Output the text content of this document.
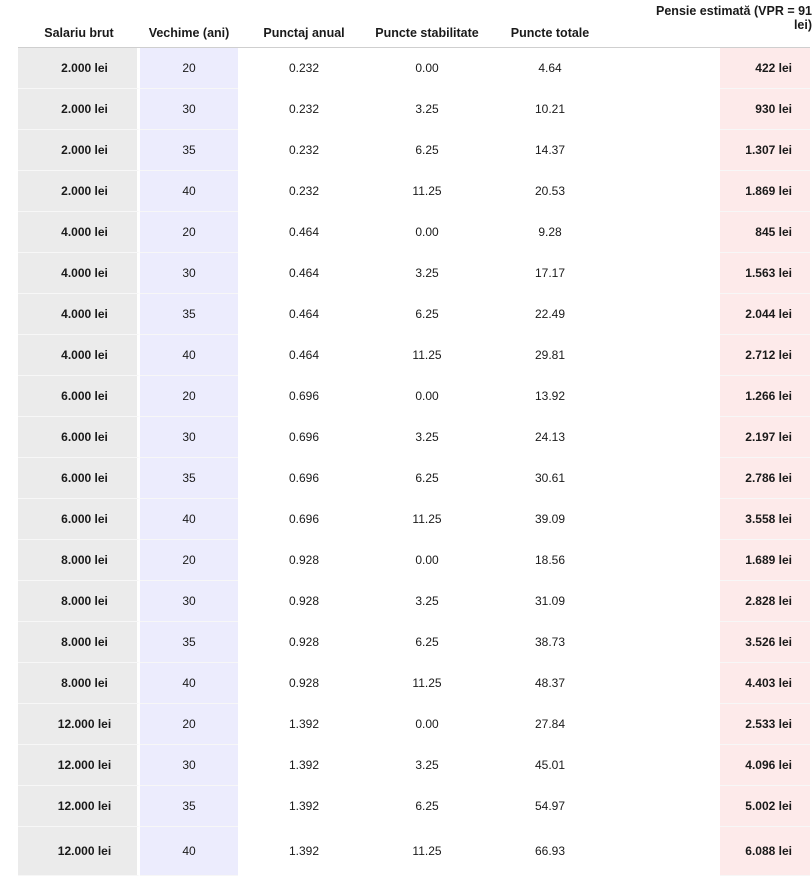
Salariu brut	Vechime (ani)	Punctaj anual	Puncte stabilitate	Puncte totale		Pensie estimată (VPR = 91
lei)

2.000 lei	20	0.232	0.00	4.64		422 lei
2.000 lei	30	0.232	3.25	10.21		930 lei
2.000 lei	35	0.232	6.25	14.37		1.307 lei
2.000 lei	40	0.232	11.25	20.53		1.869 lei
4.000 lei	20	0.464	0.00	9.28		845 lei
4.000 lei	30	0.464	3.25	17.17		1.563 lei
4.000 lei	35	0.464	6.25	22.49		2.044 lei
4.000 lei	40	0.464	11.25	29.81		2.712 lei
6.000 lei	20	0.696	0.00	13.92		1.266 lei
6.000 lei	30	0.696	3.25	24.13		2.197 lei
6.000 lei	35	0.696	6.25	30.61		2.786 lei
6.000 lei	40	0.696	11.25	39.09		3.558 lei
8.000 lei	20	0.928	0.00	18.56		1.689 lei
8.000 lei	30	0.928	3.25	31.09		2.828 lei
8.000 lei	35	0.928	6.25	38.73		3.526 lei
8.000 lei	40	0.928	11.25	48.37		4.403 lei
12.000 lei	20	1.392	0.00	27.84		2.533 lei
12.000 lei	30	1.392	3.25	45.01		4.096 lei
12.000 lei	35	1.392	6.25	54.97		5.002 lei
12.000 lei	40	1.392	11.25	66.93		6.088 lei
